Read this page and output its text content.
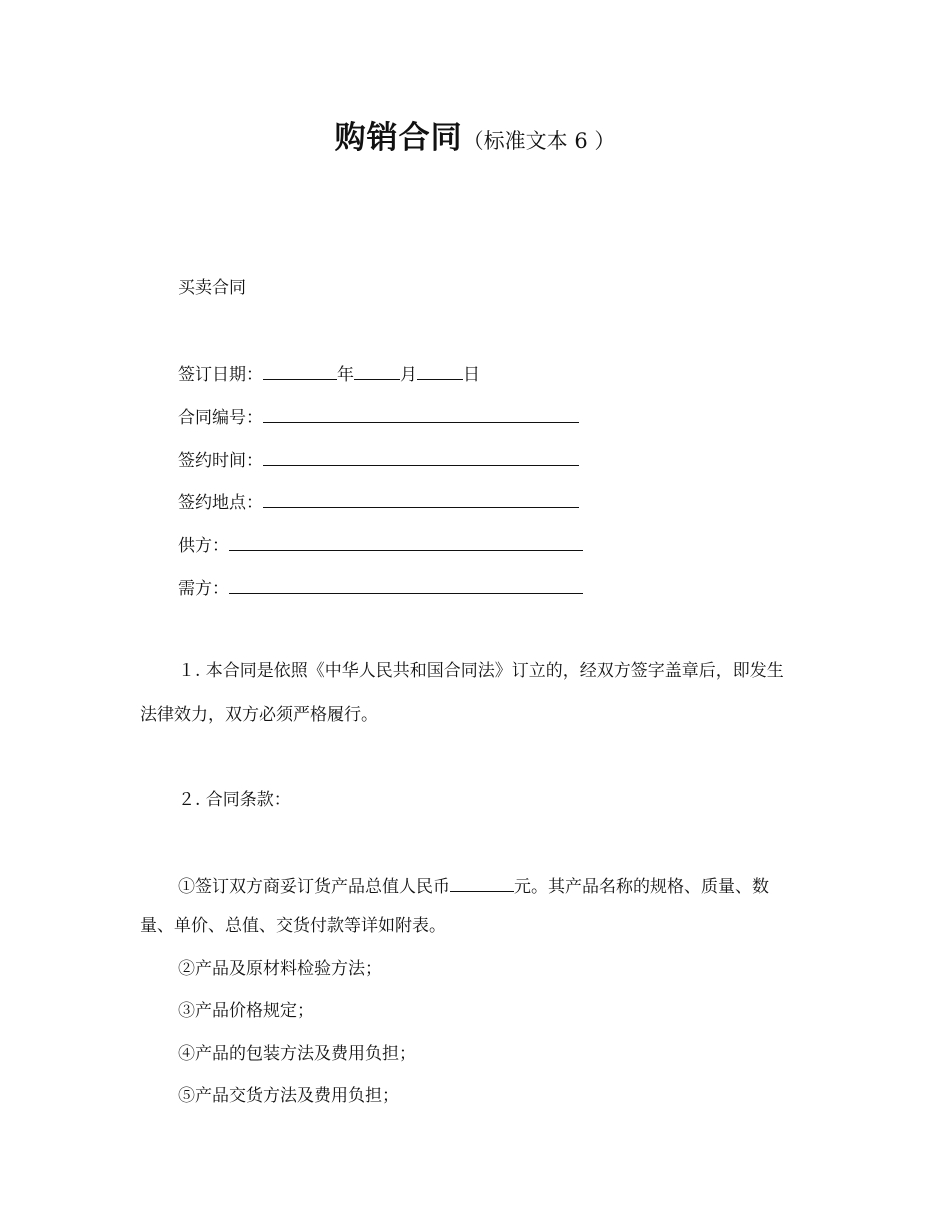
购销合同（标准文本 6 ）
买卖合同
签订日期：	年	月	日
合同编号：
签约时间：
签约地点：
供方：
需方：
１. 本合同是依照《中华人民共和国合同法》订立的，经双方签字盖章后，即发生
法律效力，双方必须严格履行。
２. 合同条款：
①签订双方商妥订货产品总值人民币	元。其产品名称的规格、质量、数
量、单价、总值、交货付款等详如附表。
②产品及原材料检验方法；
③产品价格规定；
④产品的包装方法及费用负担；
⑤产品交货方法及费用负担；
